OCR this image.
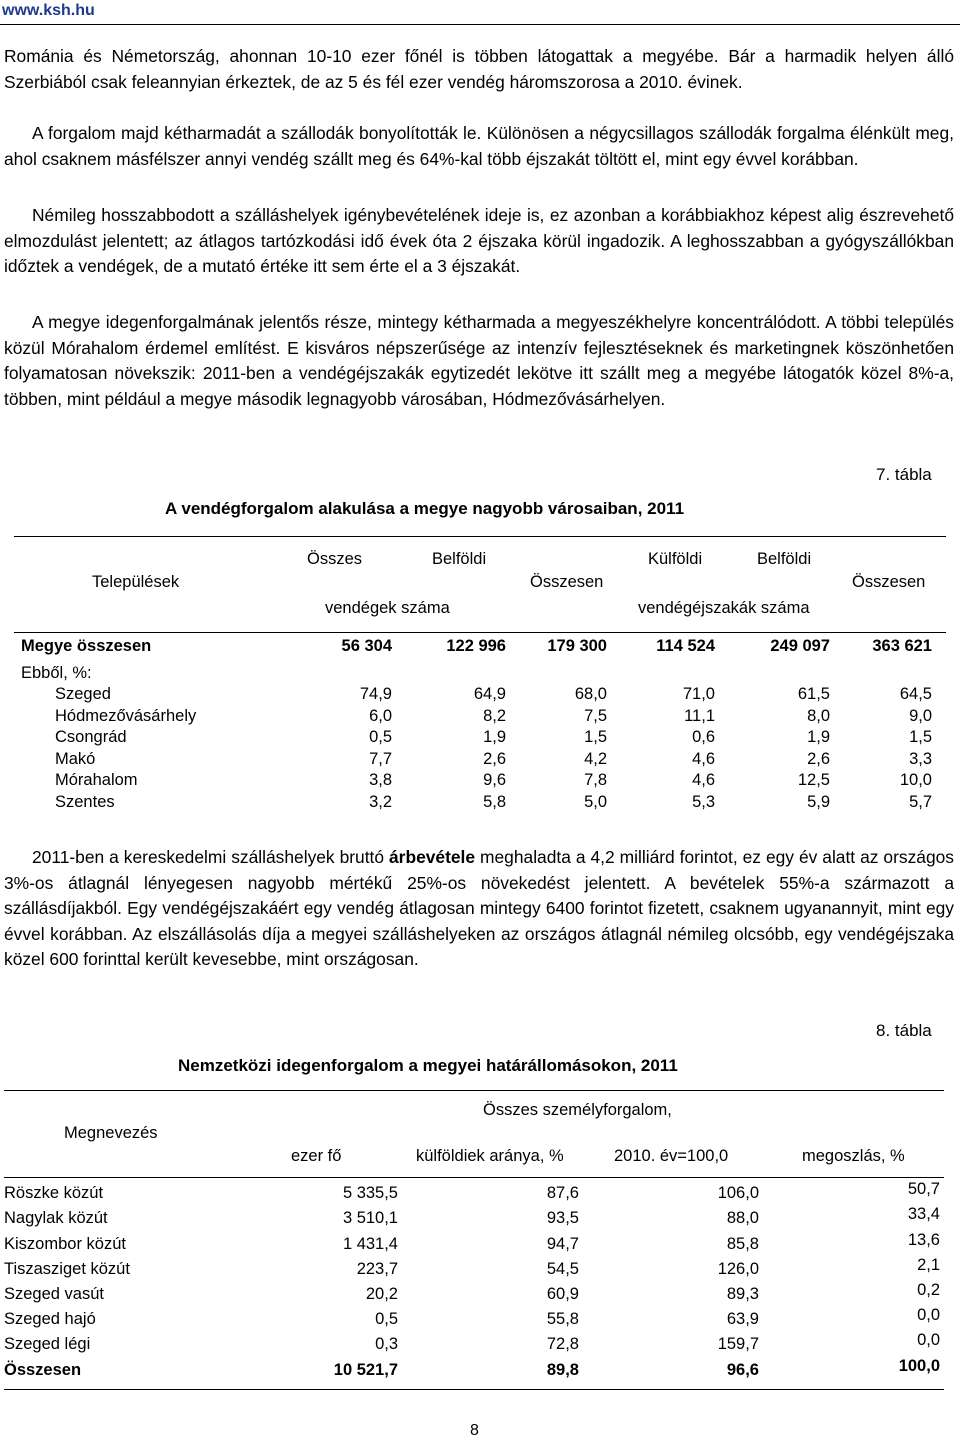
www.ksh.hu

Románia és Németország, ahonnan 10-10 ezer főnél is többen látogattak a megyébe. Bár a harmadik helyen álló Szerbiából csak feleannyian érkeztek, de az 5 és fél ezer vendég háromszorosa a 2010. évinek.

A forgalom majd kétharmadát a szállodák bonyolították le. Különösen a négycsillagos szállodák forgalma élénkült meg, ahol csaknem másfélszer annyi vendég szállt meg és 64%-kal több éjszakát töltött el, mint egy évvel korábban.

Némileg hosszabbodott a szálláshelyek igénybevételének ideje is, ez azonban a korábbiakhoz képest alig észrevehető elmozdulást jelentett; az átlagos tartózkodási idő évek óta 2 éjszaka körül ingadozik. A leghosszabban a gyógyszállókban időztek a vendégek, de a mutató értéke itt sem érte el a 3 éjszakát.

A megye idegenforgalmának jelentős része, mintegy kétharmada a megyeszékhelyre koncentrálódott. A többi település közül Mórahalom érdemel említést. E kisváros népszerűsége az intenzív fejlesztéseknek és marketingnek köszönhetően folyamatosan növekszik: 2011-ben a vendégéjszakák egytizedét lekötve itt szállt meg a megyébe látogatók közel 8%-a, többen, mint például a megye második legnagyobb városában, Hódmezővásárhelyen.

7. tábla
A vendégforgalom alakulása a megye nagyobb városaiban, 2011
Települések
Összes	Belföldi
Összesen
Külföldi	Belföldi
Összesen
vendégek száma	vendégéjszakák száma
Megye összesen	56 304	122 996	179 300	114 524	249 097	363 621
Ebből, %:
Szeged	74,9	64,9	68,0	71,0	61,5	64,5
Hódmezővásárhely	6,0	8,2	7,5	11,1	8,0	9,0
Csongrád	0,5	1,9	1,5	0,6	1,9	1,5
Makó	7,7	2,6	4,2	4,6	2,6	3,3
Mórahalom	3,8	9,6	7,8	4,6	12,5	10,0
Szentes	3,2	5,8	5,0	5,3	5,9	5,7

2011-ben a kereskedelmi szálláshelyek bruttó árbevétele meghaladta a 4,2 milliárd forintot, ez egy év alatt az országos 3%-os átlagnál lényegesen nagyobb mértékű 25%-os növekedést jelentett. A bevételek 55%-a származott a szállásdíjakból. Egy vendégéjszakáért egy vendég átlagosan mintegy 6400 forintot fizetett, csaknem ugyanannyit, mint egy évvel korábban. Az elszállásolás díja a megyei szálláshelyeken az országos átlagnál némileg olcsóbb, egy vendégéjszaka közel 600 forinttal került kevesebbe, mint országosan.

8. tábla
Nemzetközi idegenforgalom a megyei határállomásokon, 2011
Megnevezés
Összes személyforgalom,
ezer fő	külföldiek aránya, %	2010. év=100,0	megoszlás, %
Röszke közút	5 335,5	87,6	106,0	50,7
Nagylak közút	3 510,1	93,5	88,0	33,4
Kiszombor közút	1 431,4	94,7	85,8	13,6
Tiszasziget közút	223,7	54,5	126,0	2,1
Szeged vasút	20,2	60,9	89,3	0,2
Szeged hajó	0,5	55,8	63,9	0,0
Szeged légi	0,3	72,8	159,7	0,0
Összesen	10 521,7	89,8	96,6	100,0
8
